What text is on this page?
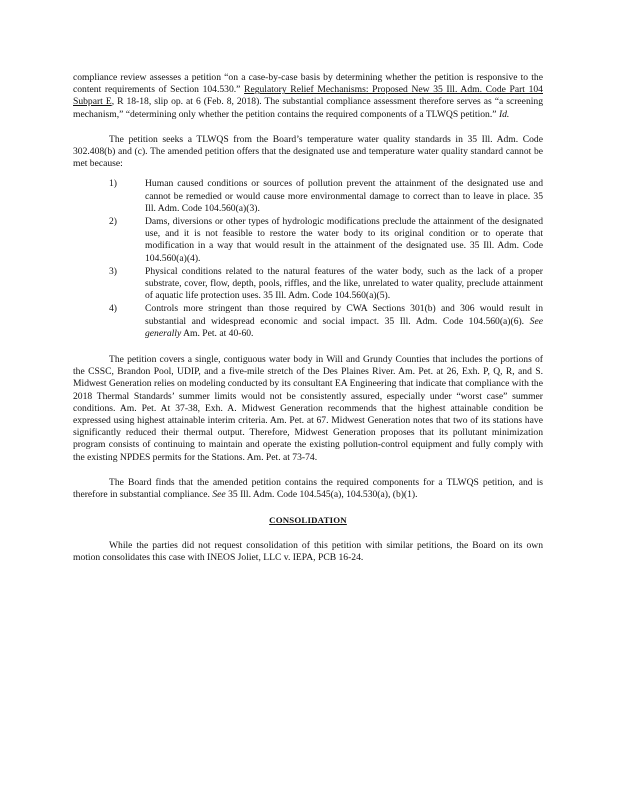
compliance review assesses a petition “on a case-by-case basis by determining whether the petition is responsive to the content requirements of Section 104.530.” Regulatory Relief Mechanisms: Proposed New 35 Ill. Adm. Code Part 104 Subpart E, R 18-18, slip op. at 6 (Feb. 8, 2018). The substantial compliance assessment therefore serves as “a screening mechanism,” “determining only whether the petition contains the required components of a TLWQS petition.” Id.

The petition seeks a TLWQS from the Board’s temperature water quality standards in 35 Ill. Adm. Code 302.408(b) and (c). The amended petition offers that the designated use and temperature water quality standard cannot be met because:

1)	Human caused conditions or sources of pollution prevent the attainment of the designated use and cannot be remedied or would cause more environmental damage to correct than to leave in place. 35 Ill. Adm. Code 104.560(a)(3).
2)	Dams, diversions or other types of hydrologic modifications preclude the attainment of the designated use, and it is not feasible to restore the water body to its original condition or to operate that modification in a way that would result in the attainment of the designated use. 35 Ill. Adm. Code 104.560(a)(4).
3)	Physical conditions related to the natural features of the water body, such as the lack of a proper substrate, cover, flow, depth, pools, riffles, and the like, unrelated to water quality, preclude attainment of aquatic life protection uses. 35 Ill. Adm. Code 104.560(a)(5).
4)	Controls more stringent than those required by CWA Sections 301(b) and 306 would result in substantial and widespread economic and social impact. 35 Ill. Adm. Code 104.560(a)(6). See generally Am. Pet. at 40-60.

The petition covers a single, contiguous water body in Will and Grundy Counties that includes the portions of the CSSC, Brandon Pool, UDIP, and a five-mile stretch of the Des Plaines River. Am. Pet. at 26, Exh. P, Q, R, and S. Midwest Generation relies on modeling conducted by its consultant EA Engineering that indicate that compliance with the 2018 Thermal Standards’ summer limits would not be consistently assured, especially under “worst case” summer conditions. Am. Pet. At 37-38, Exh. A. Midwest Generation recommends that the highest attainable condition be expressed using highest attainable interim criteria. Am. Pet. at 67. Midwest Generation notes that two of its stations have significantly reduced their thermal output. Therefore, Midwest Generation proposes that its pollutant minimization program consists of continuing to maintain and operate the existing pollution-control equipment and fully comply with the existing NPDES permits for the Stations. Am. Pet. at 73-74.

The Board finds that the amended petition contains the required components for a TLWQS petition, and is therefore in substantial compliance. See 35 Ill. Adm. Code 104.545(a), 104.530(a), (b)(1).

CONSOLIDATION

While the parties did not request consolidation of this petition with similar petitions, the Board on its own motion consolidates this case with INEOS Joliet, LLC v. IEPA, PCB 16-24.
